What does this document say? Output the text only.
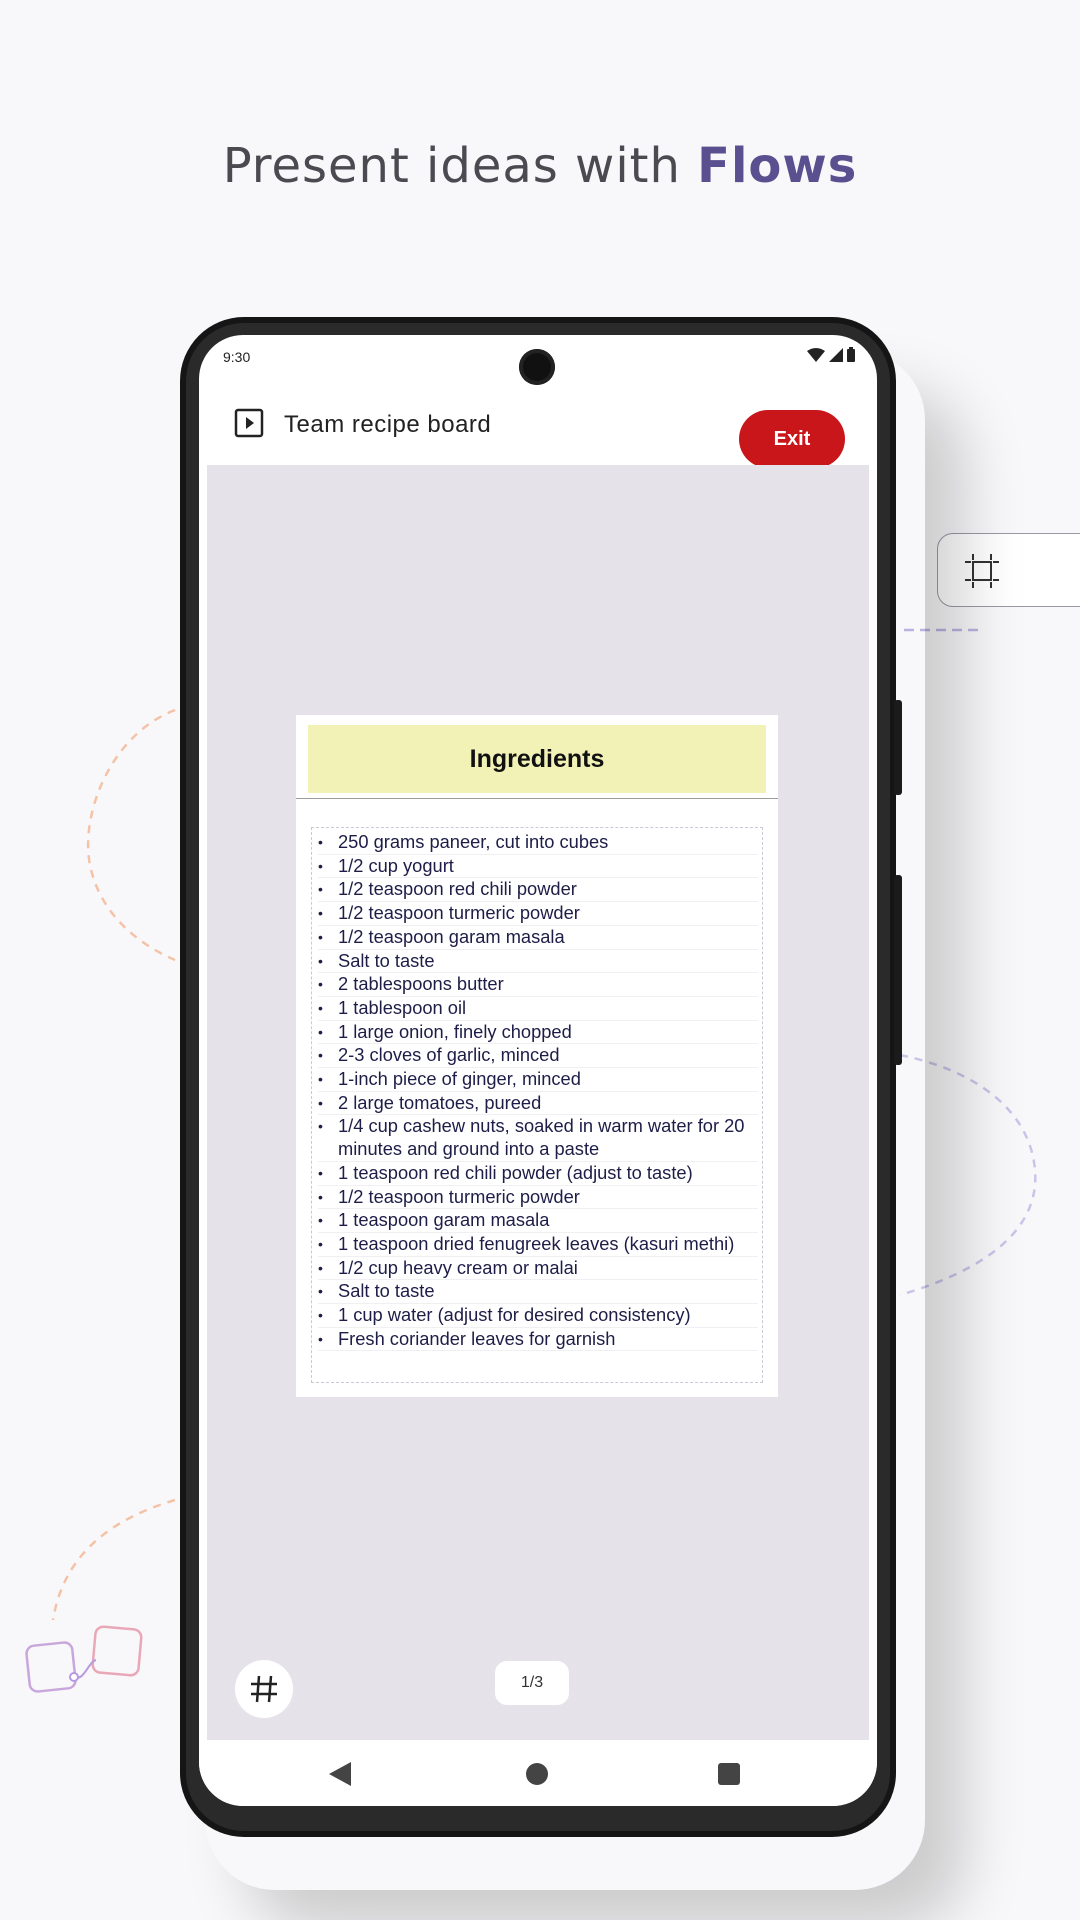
Present ideas with Flows
9:30
Team recipe board
Exit
Ingredients
• 250 grams paneer, cut into cubes
• 1/2 cup yogurt
• 1/2 teaspoon red chili powder
• 1/2 teaspoon turmeric powder
• 1/2 teaspoon garam masala
• Salt to taste
• 2 tablespoons butter
• 1 tablespoon oil
• 1 large onion, finely chopped
• 2-3 cloves of garlic, minced
• 1-inch piece of ginger, minced
• 2 large tomatoes, pureed
• 1/4 cup cashew nuts, soaked in warm water for 20 minutes and ground into a paste
• 1 teaspoon red chili powder (adjust to taste)
• 1/2 teaspoon turmeric powder
• 1 teaspoon garam masala
• 1 teaspoon dried fenugreek leaves (kasuri methi)
• 1/2 cup heavy cream or malai
• Salt to taste
• 1 cup water (adjust for desired consistency)
• Fresh coriander leaves for garnish
1/3
